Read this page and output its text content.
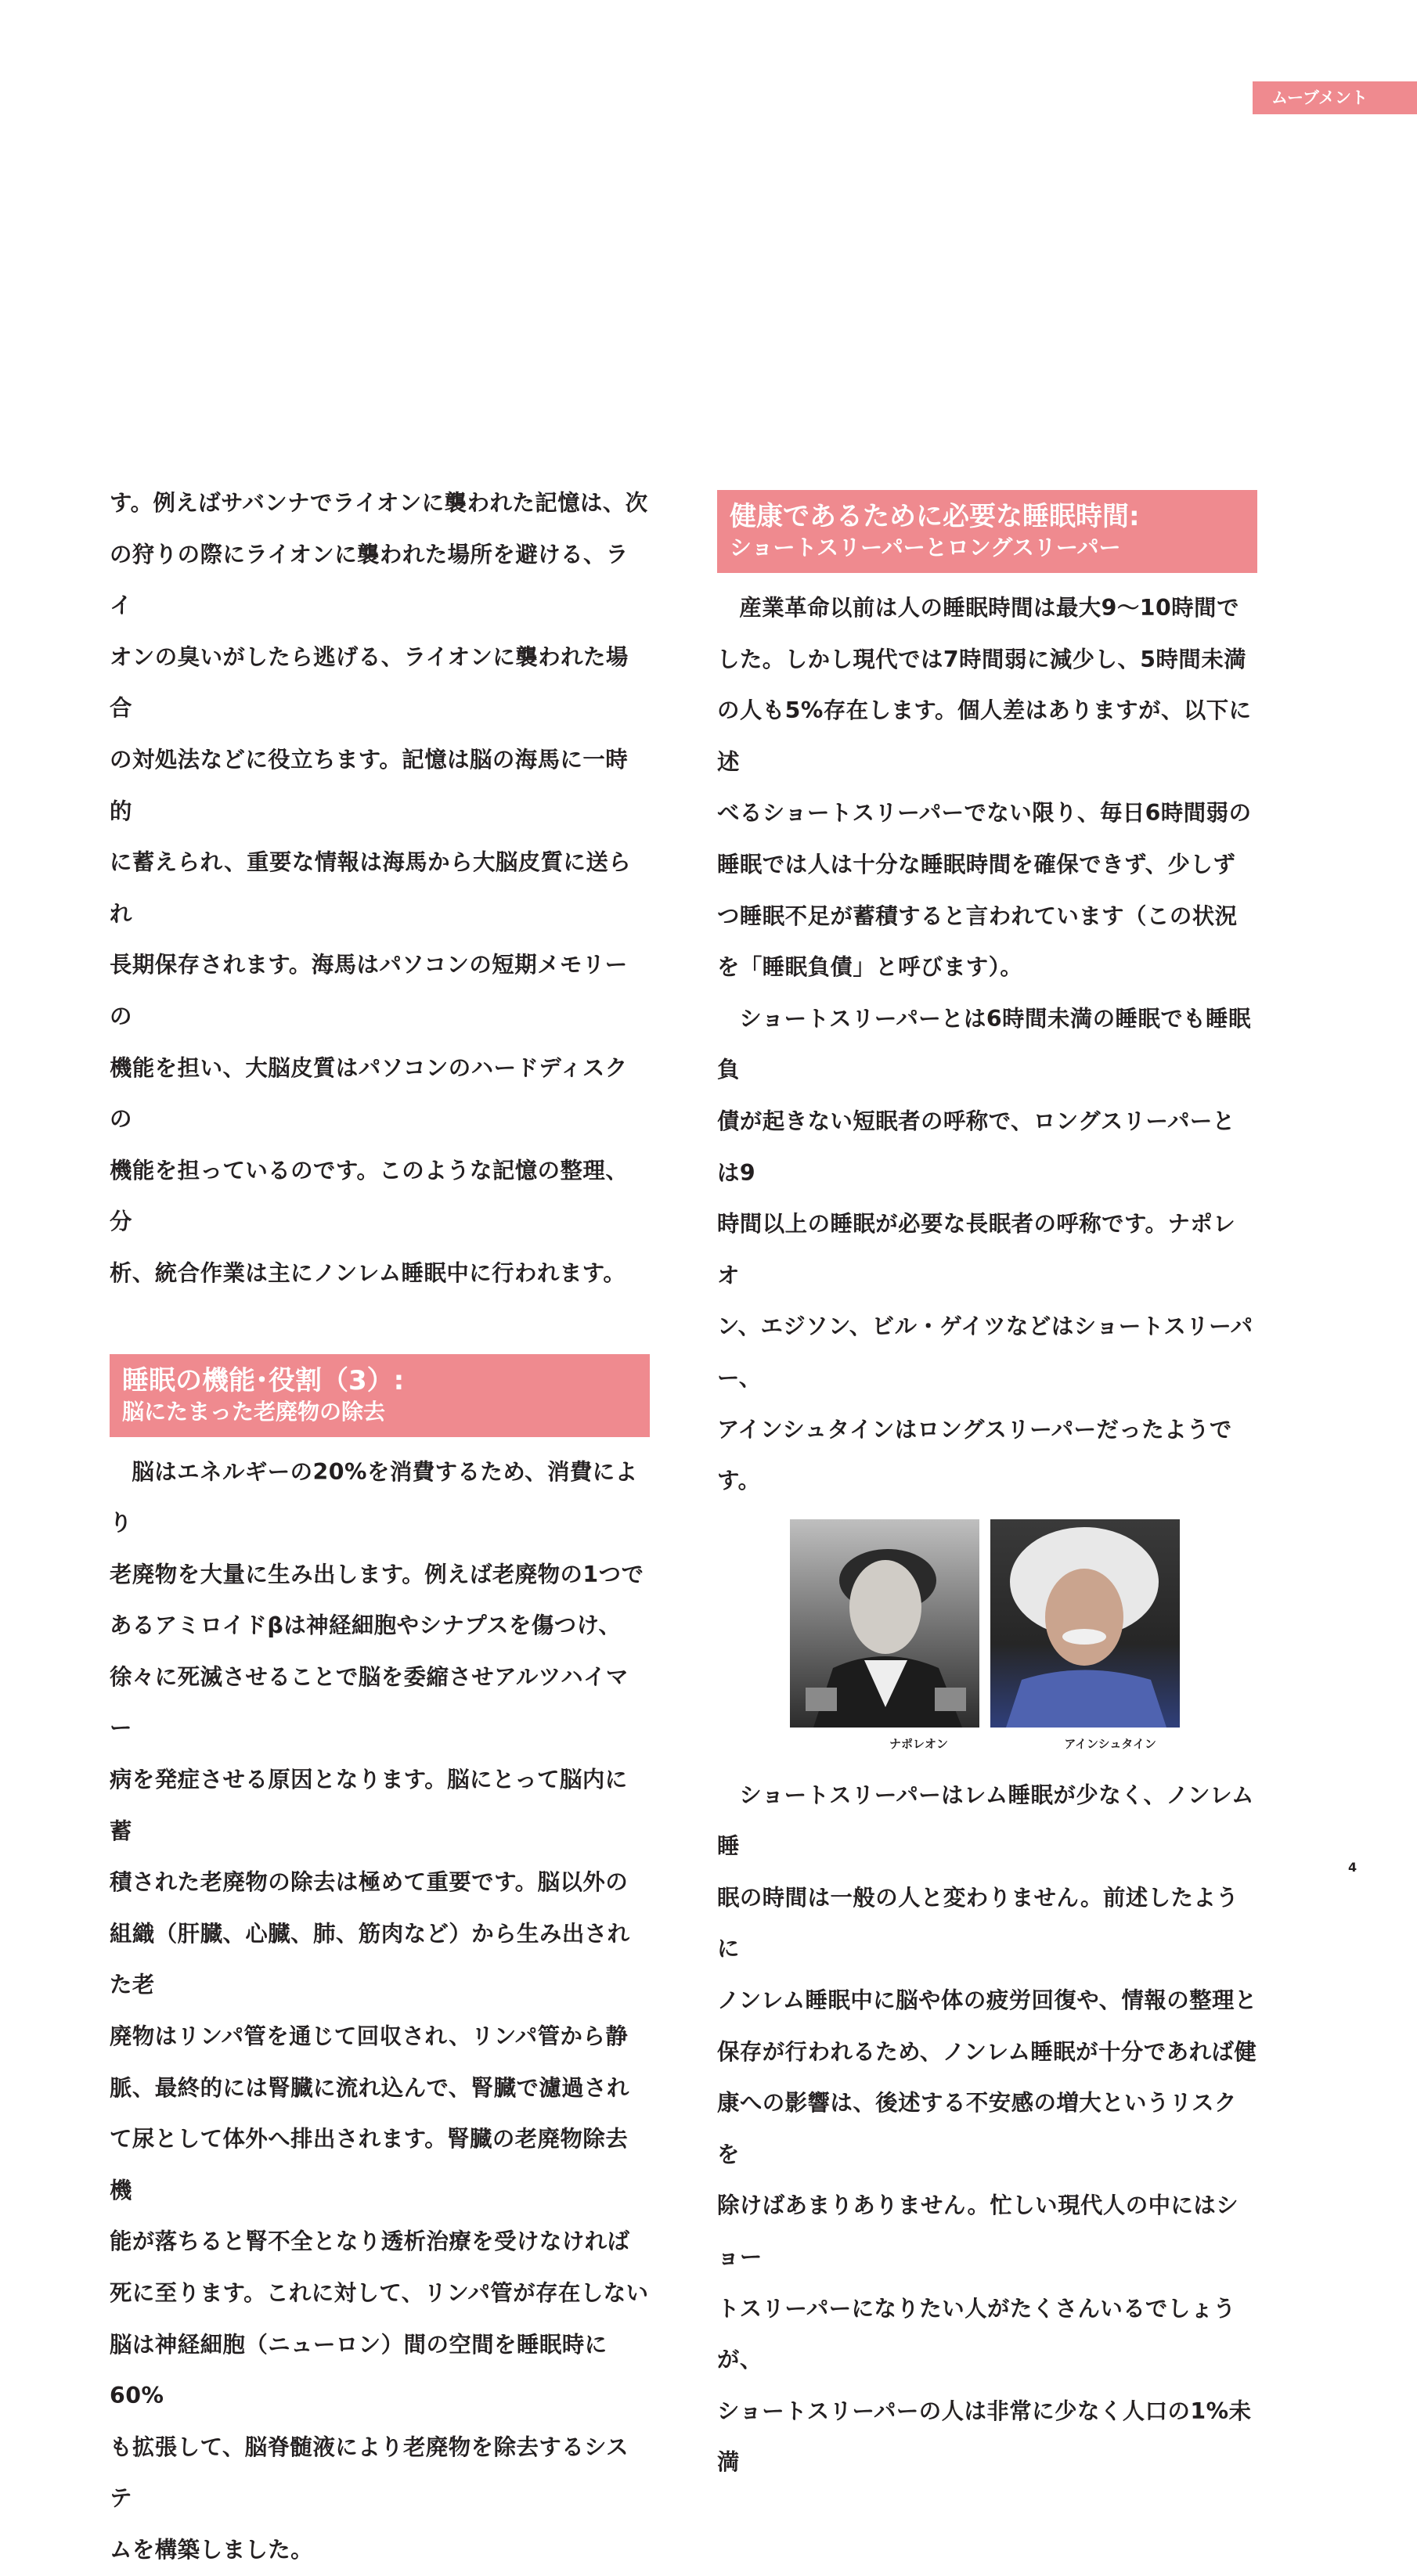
ムーブメント

す。例えばサバンナでライオンに襲われた記憶は、次
の狩りの際にライオンに襲われた場所を避ける、ライ
オンの臭いがしたら逃げる、ライオンに襲われた場合
の対処法などに役立ちます。記憶は脳の海馬に一時的
に蓄えられ、重要な情報は海馬から大脳皮質に送られ
長期保存されます。海馬はパソコンの短期メモリーの
機能を担い、大脳皮質はパソコンのハードディスクの
機能を担っているのです。このような記憶の整理、分
析、統合作業は主にノンレム睡眠中に行われます。

睡眠の機能･役割（3）:
脳にたまった老廃物の除去

脳はエネルギーの20%を消費するため、消費により
老廃物を大量に生み出します。例えば老廃物の1つで
あるアミロイドβは神経細胞やシナプスを傷つけ、
徐々に死滅させることで脳を委縮させアルツハイマー
病を発症させる原因となります。脳にとって脳内に蓄
積された老廃物の除去は極めて重要です。脳以外の
組織（肝臓、心臓、肺、筋肉など）から生み出された老
廃物はリンパ管を通じて回収され、リンパ管から静
脈、最終的には腎臓に流れ込んで、腎臓で濾過され
て尿として体外へ排出されます。腎臓の老廃物除去機
能が落ちると腎不全となり透析治療を受けなければ
死に至ります。これに対して、リンパ管が存在しない
脳は神経細胞（ニューロン）間の空間を睡眠時に60%
も拡張して、脳脊髄液により老廃物を除去するシステ
ムを構築しました。

健康であるために必要な睡眠時間:
ショートスリーパーとロングスリーパー

産業革命以前は人の睡眠時間は最大9〜10時間で
した。しかし現代では7時間弱に減少し、5時間未満
の人も5%存在します。個人差はありますが、以下に述
べるショートスリーパーでない限り、毎日6時間弱の
睡眠では人は十分な睡眠時間を確保できず、少しず
つ睡眠不足が蓄積すると言われています（この状況
を「睡眠負債」と呼びます）。

ショートスリーパーとは6時間未満の睡眠でも睡眠負
債が起きない短眠者の呼称で、ロングスリーパーとは9
時間以上の睡眠が必要な長眠者の呼称です。ナポレオ
ン、エジソン、ビル・ゲイツなどはショートスリーパー、
アインシュタインはロングスリーパーだったようです。

ナポレオン	アインシュタイン

ショートスリーパーはレム睡眠が少なく、ノンレム睡
眠の時間は一般の人と変わりません。前述したように
ノンレム睡眠中に脳や体の疲労回復や、情報の整理と
保存が行われるため、ノンレム睡眠が十分であれば健
康への影響は、後述する不安感の増大というリスクを
除けばあまりありません。忙しい現代人の中にはショー
トスリーパーになりたい人がたくさんいるでしょうが、
ショートスリーパーの人は非常に少なく人口の1%未満

4
